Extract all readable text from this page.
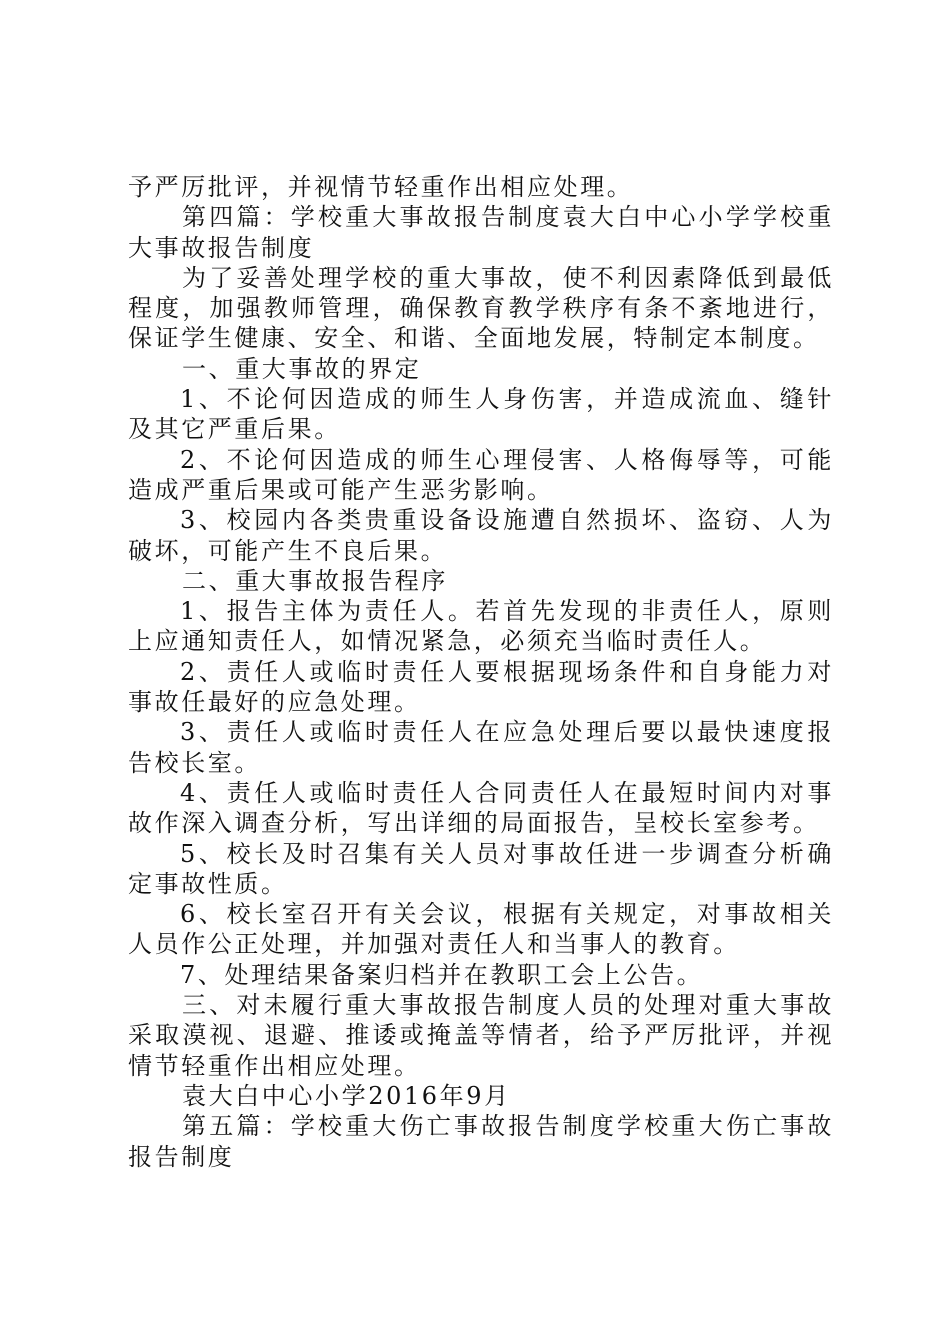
予严厉批评，并视情节轻重作出相应处理。

第四篇：学校重大事故报告制度袁大白中心小学学校重大事故报告制度

为了妥善处理学校的重大事故，使不利因素降低到最低程度，加强教师管理，确保教育教学秩序有条不紊地进行，保证学生健康、安全、和谐、全面地发展，特制定本制度。

一、重大事故的界定

1、不论何因造成的师生人身伤害，并造成流血、缝针及其它严重后果。

2、不论何因造成的师生心理侵害、人格侮辱等，可能造成严重后果或可能产生恶劣影响。

3、校园内各类贵重设备设施遭自然损坏、盗窃、人为破坏，可能产生不良后果。

二、重大事故报告程序

1、报告主体为责任人。若首先发现的非责任人，原则上应通知责任人，如情况紧急，必须充当临时责任人。

2、责任人或临时责任人要根据现场条件和自身能力对事故任最好的应急处理。

3、责任人或临时责任人在应急处理后要以最快速度报告校长室。

4、责任人或临时责任人合同责任人在最短时间内对事故作深入调查分析，写出详细的局面报告，呈校长室参考。

5、校长及时召集有关人员对事故任进一步调查分析确定事故性质。

6、校长室召开有关会议，根据有关规定，对事故相关人员作公正处理，并加强对责任人和当事人的教育。

7、处理结果备案归档并在教职工会上公告。

三、对未履行重大事故报告制度人员的处理对重大事故采取漠视、退避、推诿或掩盖等情者，给予严厉批评，并视情节轻重作出相应处理。

袁大白中心小学2016年9月

第五篇：学校重大伤亡事故报告制度学校重大伤亡事故报告制度
